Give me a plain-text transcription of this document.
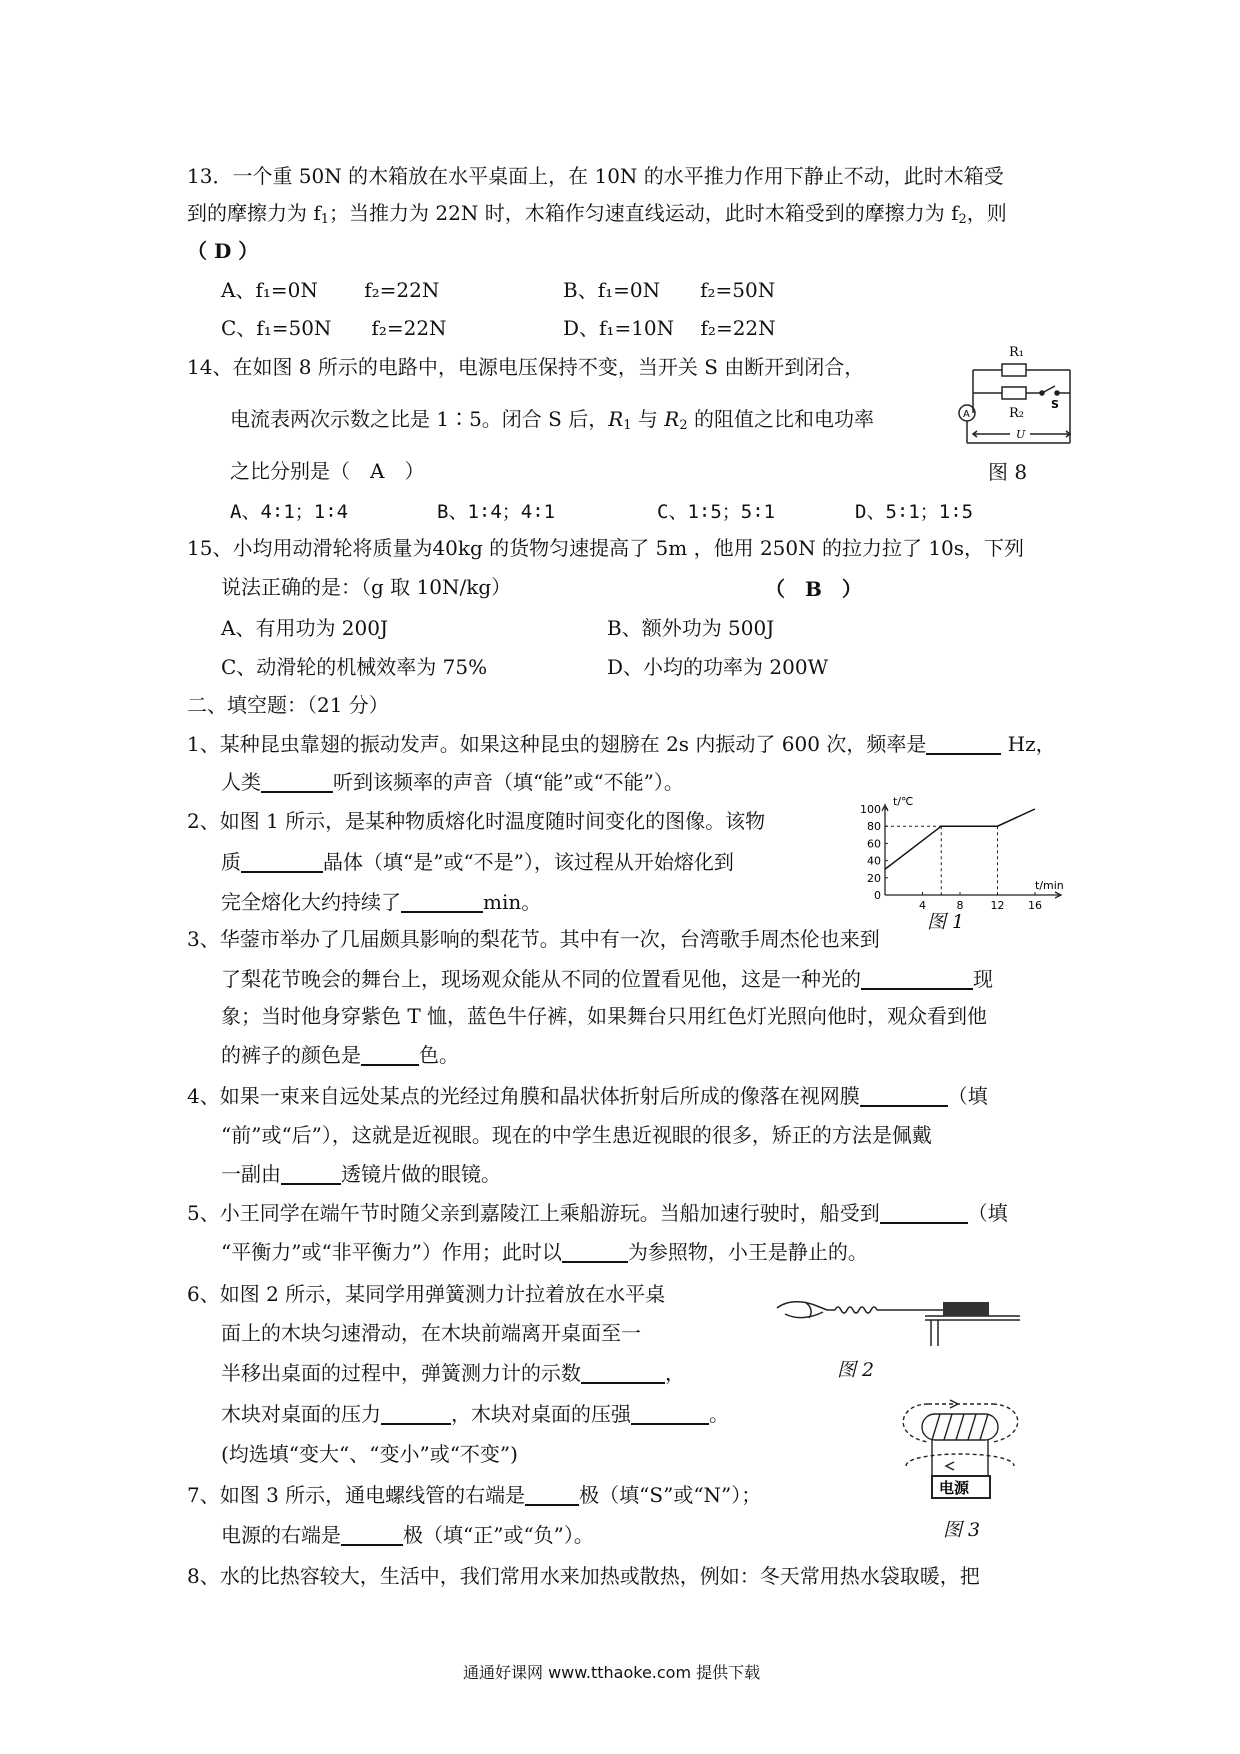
13．一个重 50N 的木箱放在水平桌面上，在 10N 的水平推力作用下静止不动，此时木箱受
到的摩擦力为 $f_1$；当推力为 22N 时，木箱作匀速直线运动，此时木箱受到的摩擦力为 $f_2$，则
（ D ）
A、f₁=0N　　 f₂=22N	B、f₁=0N　　f₂=50N
C、f₁=50N　　f₂=22N	D、f₁=10N　 f₂=22N
14、在如图 8 所示的电路中，电源电压保持不变，当开关 S 由断开到闭合，
电流表两次示数之比是 1∶5。闭合 S 后，$R_1$ 与 $R_2$ 的阻值之比和电功率
之比分别是（　A　）
A、4∶1；1∶4	B、1∶4；4∶1	C、1∶5；5∶1	D、5∶1；1∶5
R₁
R₂
S
A
U
图 8
15、小均用动滑轮将质量为40kg 的货物匀速提高了 5m ，他用 250N 的拉力拉了 10s，下列
说法正确的是：（g 取 10N/kg）	（　B　）
A、有用功为 200J	B、额外功为 500J
C、动滑轮的机械效率为 75%	D、小均的功率为 200W
二、填空题：（21 分）
1、某种昆虫靠翅的振动发声。如果这种昆虫的翅膀在 2s 内振动了 600 次，频率是	Hz，
人类	听到该频率的声音（填“能”或“不能”）。
2、如图 1 所示，是某种物质熔化时温度随时间变化的图像。该物
质	晶体（填“是”或“不是”），该过程从开始熔化到
完全熔化大约持续了	min。
t/℃
t/min
0
20
40
60
80
100
4	8 12 16
图 1
3、华蓥市举办了几届颇具影响的梨花节。其中有一次，台湾歌手周杰伦也来到
了梨花节晚会的舞台上，现场观众能从不同的位置看见他，这是一种光的	现
象；当时他身穿紫色 T 恤，蓝色牛仔裤，如果舞台只用红色灯光照向他时，观众看到他
的裤子的颜色是	色。
4、如果一束来自远处某点的光经过角膜和晶状体折射后所成的像落在视网膜	（填
“前”或“后”），这就是近视眼。现在的中学生患近视眼的很多，矫正的方法是佩戴
一副由	透镜片做的眼镜。
5、小王同学在端午节时随父亲到嘉陵江上乘船游玩。当船加速行驶时，船受到	（填
“平衡力”或“非平衡力”）作用；此时以	为参照物，小王是静止的。
6、如图 2 所示，某同学用弹簧测力计拉着放在水平桌
面上的木块匀速滑动，在木块前端离开桌面至一
半移出桌面的过程中，弹簧测力计的示数	，
木块对桌面的压力	，木块对桌面的压强	。
(均选填“变大“、“变小”或“不变”)
图 2
电源
图 3
7、如图 3 所示，通电螺线管的右端是	极（填“S”或“N”）；
电源的右端是	极（填“正”或“负”）。
8、水的比热容较大，生活中，我们常用水来加热或散热，例如：冬天常用热水袋取暖，把
通通好课网 www.tthaoke.com 提供下载
